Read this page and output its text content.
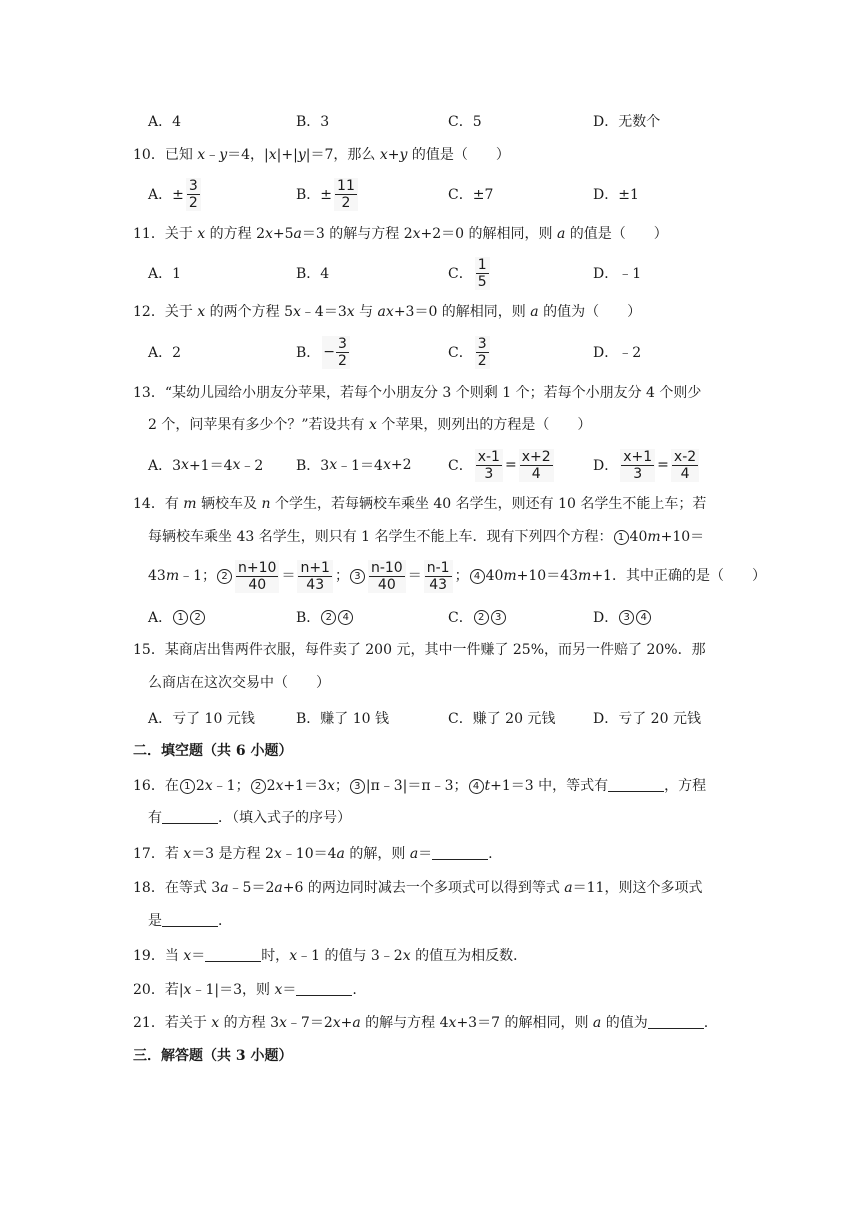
A．4	B．3	C．5	D．无数个
10．已知 x﹣y＝4，|x|+|y|＝7，那么 x+y 的值是（　　）
A．± $\frac{3}{2}$	B．± $\frac{11}{2}$	C．±7	D．±1
11．关于 x 的方程 2x+5a＝3 的解与方程 2x+2＝0 的解相同，则 a 的值是（　　）
A．1	B．4	C． $\frac{1}{5}$	D．﹣1
12．关于 x 的两个方程 5x﹣4＝3x 与 ax+3＝0 的解相同，则 a 的值为（　　）
A．2	B． − $\frac{3}{2}$	C． $\frac{3}{2}$	D．﹣2
13．“某幼儿园给小朋友分苹果，若每个小朋友分 3 个则剩 1 个；若每个小朋友分 4 个则少
2 个，问苹果有多少个？”若设共有 x 个苹果，则列出的方程是（　　）
A．3 x +1＝4 x ﹣2 B．3 x ﹣1＝4 x +2	C． $\frac{x-1}{3} = \frac{x+2}{4}$	D． $\frac{x+1}{3} = \frac{x-2}{4}$
14．有 m 辆校车及 n 个学生，若每辆校车乘坐 40 名学生，则还有 10 名学生不能上车；若
每辆校车乘坐 43 名学生，则只有 1 名学生不能上车．现有下列四个方程： 1 40m+10＝
43 m ﹣1； $2 \frac{n+10}{40} = \frac{n+1}{43}$ ； $3 \frac{n-10}{40} = \frac{n-1}{43}$ ； 4 40 m +10＝43 m +1．其中正确的是（　　）
A． 1	2	B． 2	4	C． 2	3	D． 3	4
15．某商店出售两件衣服，每件卖了 200 元，其中一件赚了 25%，而另一件赔了 20%．那
么商店在这次交易中（　　）
A．亏了 10 元钱	B．赚了 10 钱	C．赚了 20 元钱	D．亏了 20 元钱
二．填空题（共 6 小题）
16．在 1 2x﹣1； 2 2x+1＝3x； 3 |π﹣3|＝π﹣3； 4 t+1＝3 中，等式有	，方程
有	．（填入式子的序号）
17．若 x＝3 是方程 2x﹣10＝4a 的解，则 a＝	.
18．在等式 3a﹣5＝2a+6 的两边同时减去一个多项式可以得到等式 a＝11，则这个多项式
是	．
19．当 x＝	时，x﹣1 的值与 3﹣2x 的值互为相反数．
20．若|x﹣1|＝3，则 x＝	.
21．若关于 x 的方程 3x﹣7＝2x+a 的解与方程 4x+3＝7 的解相同，则 a 的值为	.
三．解答题（共 3 小题）
